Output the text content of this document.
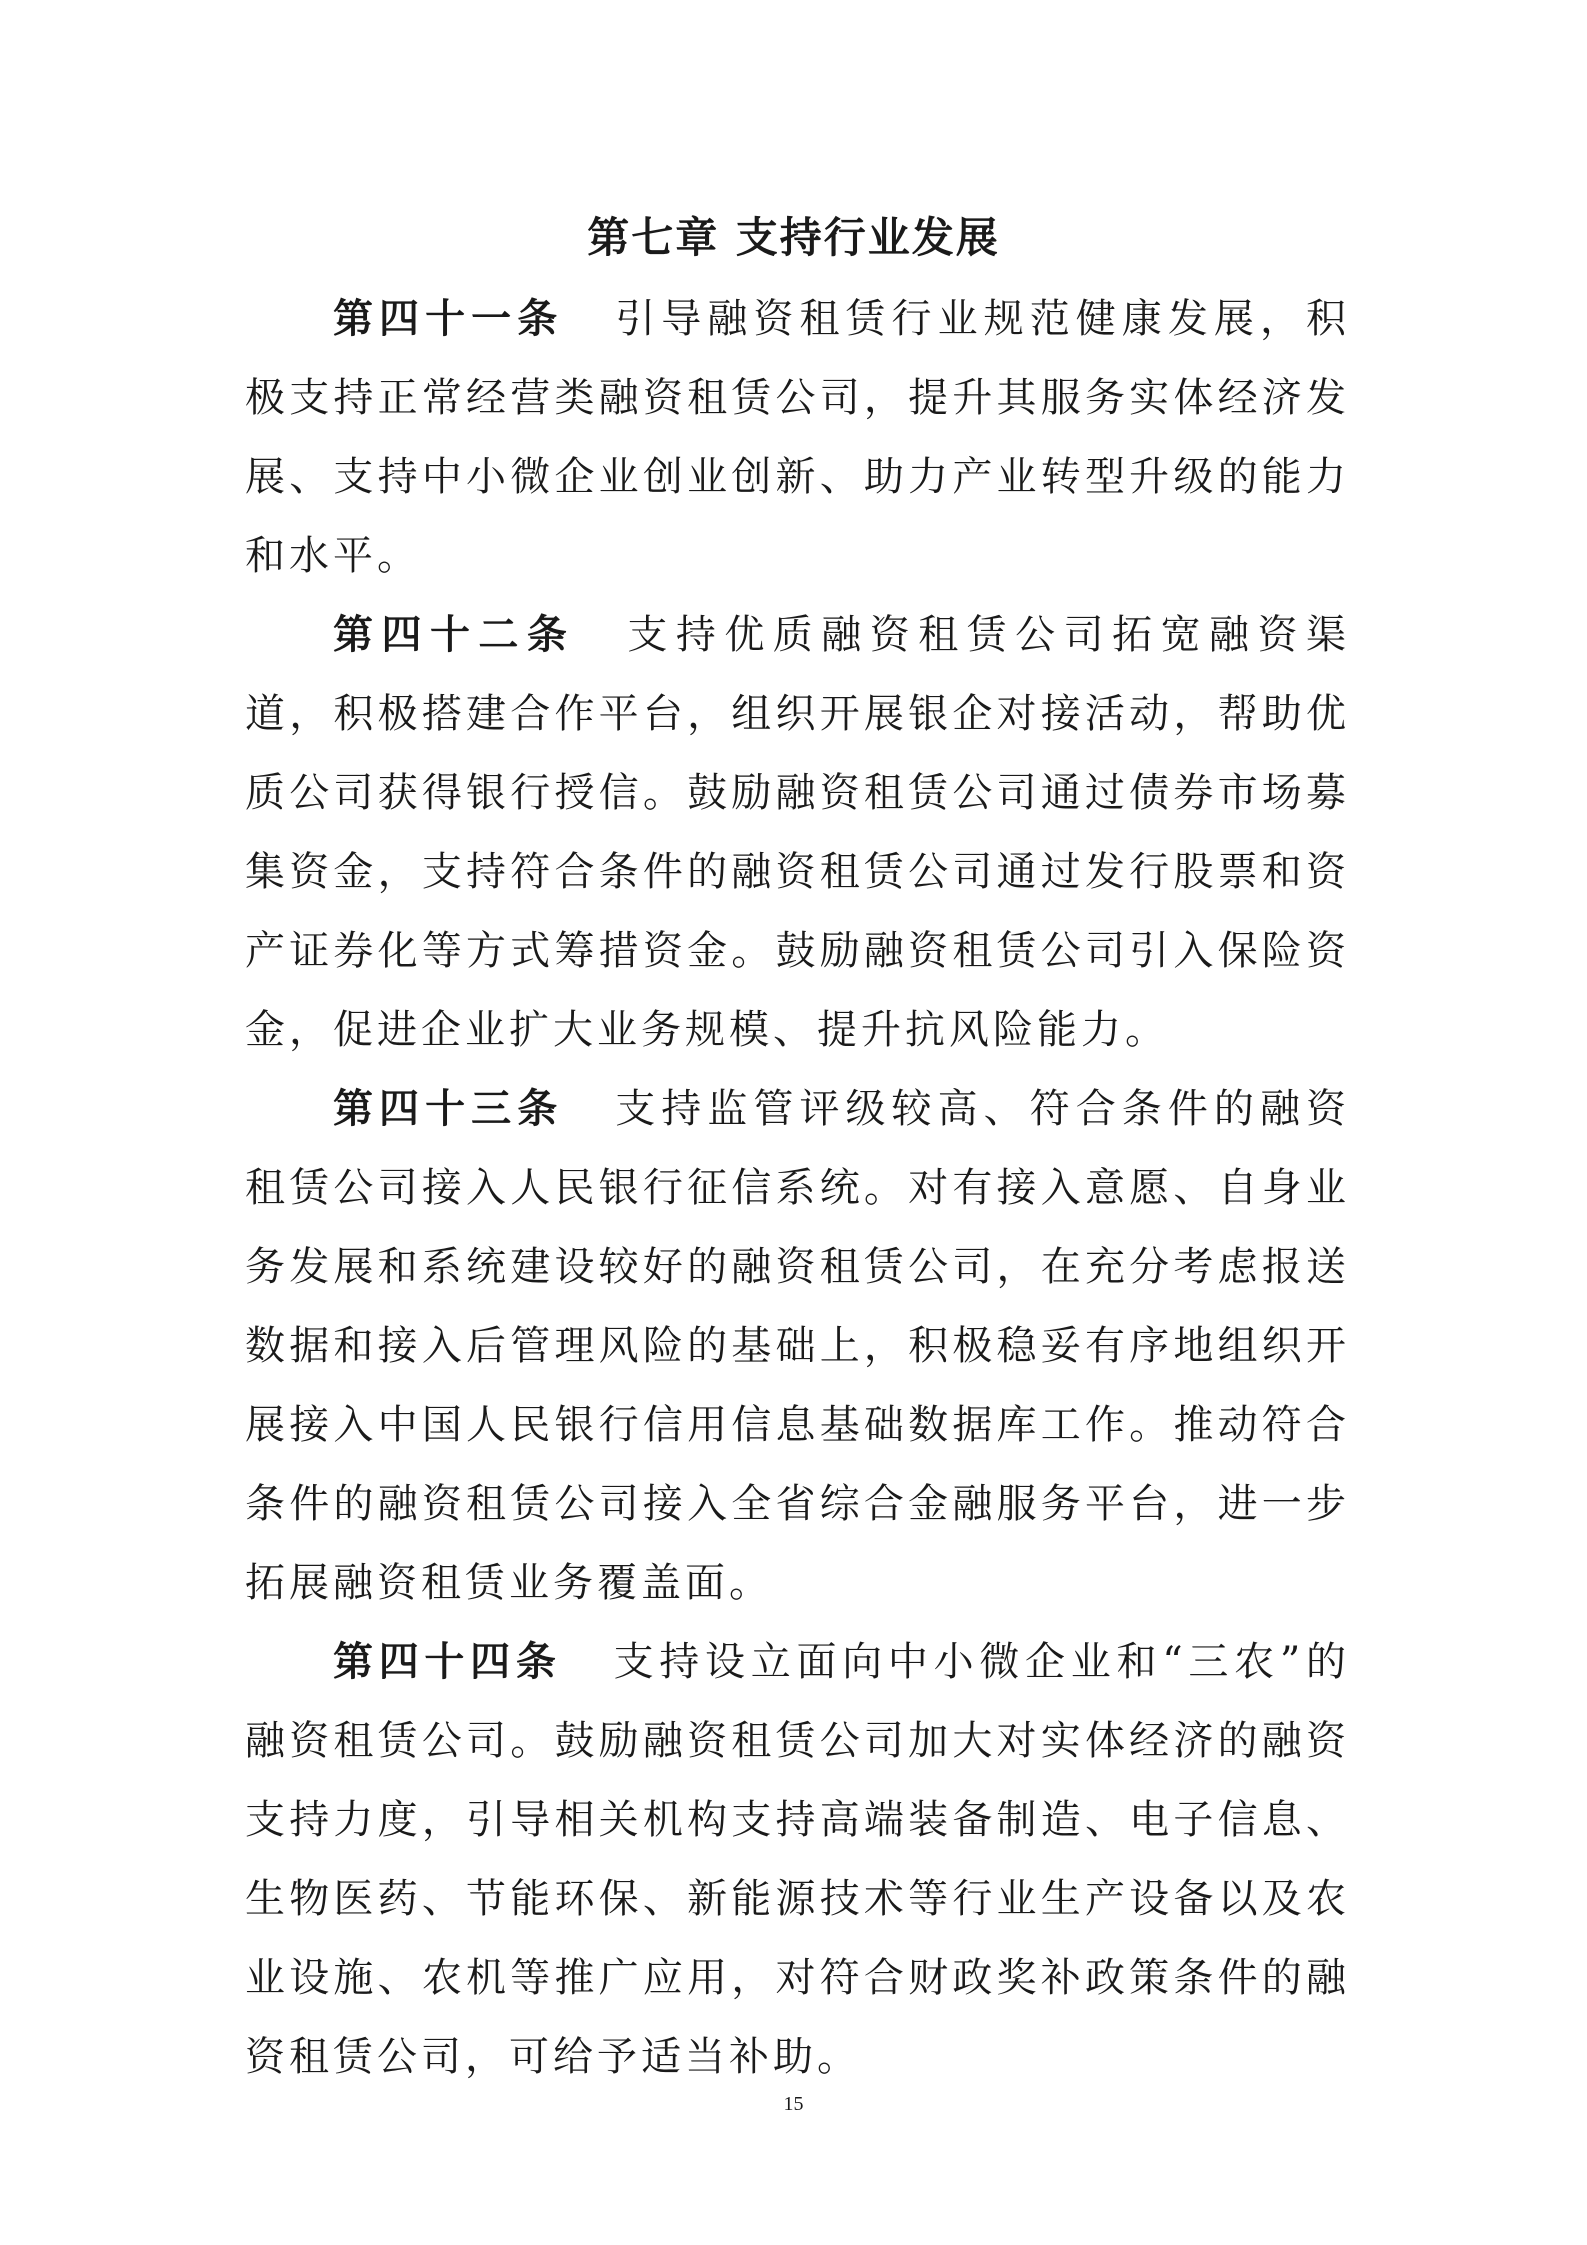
第七章 支持行业发展

第四十一条 引导融资租赁行业规范健康发展，积极支持正常经营类融资租赁公司，提升其服务实体经济发展、支持中小微企业创业创新、助力产业转型升级的能力和水平。

第四十二条 支持优质融资租赁公司拓宽融资渠道，积极搭建合作平台，组织开展银企对接活动，帮助优质公司获得银行授信。鼓励融资租赁公司通过债券市场募集资金，支持符合条件的融资租赁公司通过发行股票和资产证券化等方式筹措资金。鼓励融资租赁公司引入保险资金，促进企业扩大业务规模、提升抗风险能力。

第四十三条 支持监管评级较高、符合条件的融资租赁公司接入人民银行征信系统。对有接入意愿、自身业务发展和系统建设较好的融资租赁公司，在充分考虑报送数据和接入后管理风险的基础上，积极稳妥有序地组织开展接入中国人民银行信用信息基础数据库工作。推动符合条件的融资租赁公司接入全省综合金融服务平台，进一步拓展融资租赁业务覆盖面。

第四十四条 支持设立面向中小微企业和“三农”的融资租赁公司。鼓励融资租赁公司加大对实体经济的融资支持力度，引导相关机构支持高端装备制造、电子信息、生物医药、节能环保、新能源技术等行业生产设备以及农业设施、农机等推广应用，对符合财政奖补政策条件的融资租赁公司，可给予适当补助。

15
